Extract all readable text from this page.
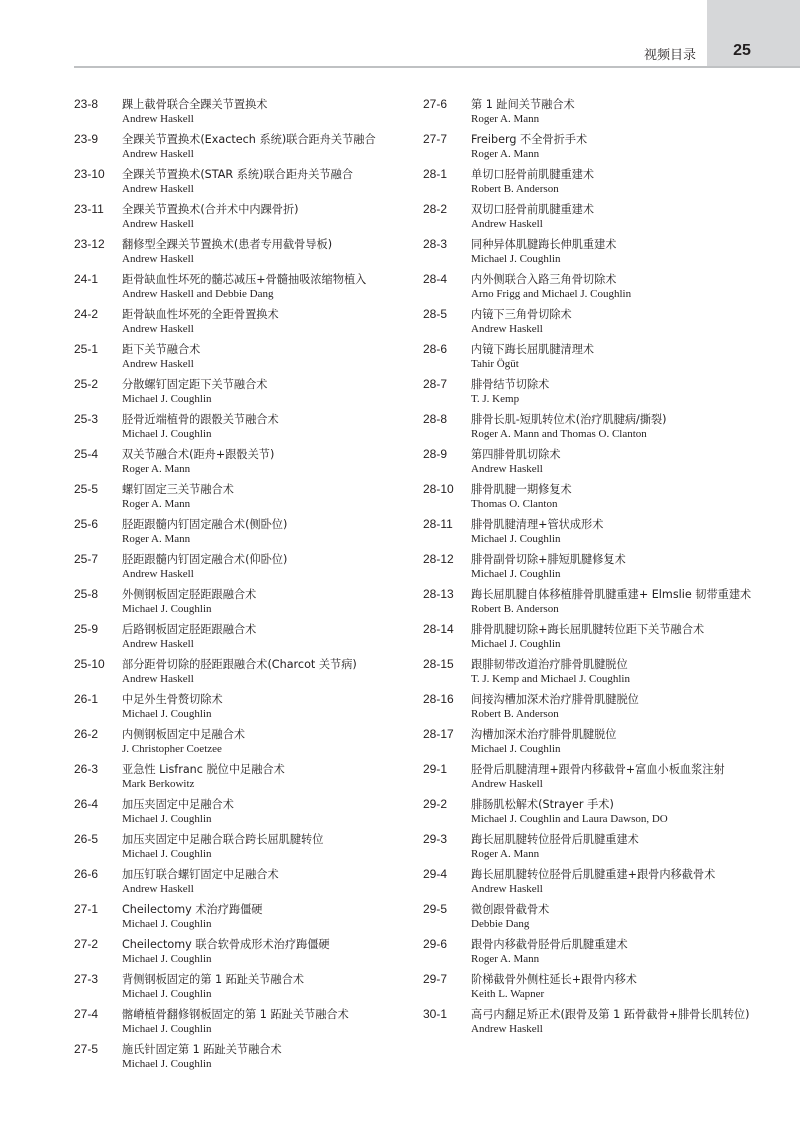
视频目录	25
23-8 踝上截骨联合全踝关节置换术
Andrew Haskell
23-9 全踝关节置换术(Exactech 系统)联合距舟关节融合
Andrew Haskell
23-10 全踝关节置换术(STAR 系统)联合距舟关节融合
Andrew Haskell
23-11 全踝关节置换术(合并术中内踝骨折)
Andrew Haskell
23-12 翻修型全踝关节置换术(患者专用截骨导板)
Andrew Haskell
24-1 距骨缺血性坏死的髓芯减压+骨髓抽吸浓缩物植入
Andrew Haskell and Debbie Dang
24-2 距骨缺血性坏死的全距骨置换术
Andrew Haskell
25-1 距下关节融合术
Andrew Haskell
25-2 分散螺钉固定距下关节融合术
Michael J. Coughlin
25-3 胫骨近端植骨的跟骰关节融合术
Michael J. Coughlin
25-4 双关节融合术(距舟+跟骰关节)
Roger A. Mann
25-5 螺钉固定三关节融合术
Roger A. Mann
25-6 胫距跟髓内钉固定融合术(侧卧位)
Roger A. Mann
25-7 胫距跟髓内钉固定融合术(仰卧位)
Andrew Haskell
25-8 外侧钢板固定胫距跟融合术
Michael J. Coughlin
25-9 后路钢板固定胫距跟融合术
Andrew Haskell
25-10 部分距骨切除的胫距跟融合术(Charcot 关节病)
Andrew Haskell
26-1 中足外生骨赘切除术
Michael J. Coughlin
26-2 内侧钢板固定中足融合术
J. Christopher Coetzee
26-3 亚急性 Lisfranc 脱位中足融合术
Mark Berkowitz
26-4 加压夹固定中足融合术
Michael J. Coughlin
26-5 加压夹固定中足融合联合跨长屈肌腱转位
Michael J. Coughlin
26-6 加压钉联合螺钉固定中足融合术
Andrew Haskell
27-1 Cheilectomy 术治疗踇僵硬
Michael J. Coughlin
27-2 Cheilectomy 联合软骨成形术治疗踇僵硬
Michael J. Coughlin
27-3 背侧钢板固定的第 1 跖趾关节融合术
Michael J. Coughlin
27-4 髂嵴植骨翻修钢板固定的第 1 跖趾关节融合术
Michael J. Coughlin
27-5 施氏针固定第 1 跖趾关节融合术
Michael J. Coughlin
27-6 第 1 趾间关节融合术
Roger A. Mann
27-7 Freiberg 不全骨折手术
Roger A. Mann
28-1 单切口胫骨前肌腱重建术
Robert B. Anderson
28-2 双切口胫骨前肌腱重建术
Andrew Haskell
28-3 同种异体肌腱踇长伸肌重建术
Michael J. Coughlin
28-4 内外侧联合入路三角骨切除术
Arno Frigg and Michael J. Coughlin
28-5 内镜下三角骨切除术
Andrew Haskell
28-6 内镜下踇长屈肌腱清理术
Tahir Ögüt
28-7 腓骨结节切除术
T. J. Kemp
28-8 腓骨长肌-短肌转位术(治疗肌腱病/撕裂)
Roger A. Mann and Thomas O. Clanton
28-9 第四腓骨肌切除术
Andrew Haskell
28-10 腓骨肌腱一期修复术
Thomas O. Clanton
28-11 腓骨肌腱清理+管状成形术
Michael J. Coughlin
28-12 腓骨副骨切除+腓短肌腱修复术
Michael J. Coughlin
28-13 踇长屈肌腱自体移植腓骨肌腱重建+ Elmslie 韧带重建术
Robert B. Anderson
28-14 腓骨肌腱切除+踇长屈肌腱转位距下关节融合术
Michael J. Coughlin
28-15 跟腓韧带改道治疗腓骨肌腱脱位
T. J. Kemp and Michael J. Coughlin
28-16 间接沟槽加深术治疗腓骨肌腱脱位
Robert B. Anderson
28-17 沟槽加深术治疗腓骨肌腱脱位
Michael J. Coughlin
29-1 胫骨后肌腱清理+跟骨内移截骨+富血小板血浆注射
Andrew Haskell
29-2 腓肠肌松解术(Strayer 手术)
Michael J. Coughlin and Laura Dawson, DO
29-3 踇长屈肌腱转位胫骨后肌腱重建术
Roger A. Mann
29-4 踇长屈肌腱转位胫骨后肌腱重建+跟骨内移截骨术
Andrew Haskell
29-5 微创跟骨截骨术
Debbie Dang
29-6 跟骨内移截骨胫骨后肌腱重建术
Roger A. Mann
29-7 阶梯截骨外侧柱延长+跟骨内移术
Keith L. Wapner
30-1 高弓内翻足矫正术(跟骨及第 1 跖骨截骨+腓骨长肌转位)
Andrew Haskell
